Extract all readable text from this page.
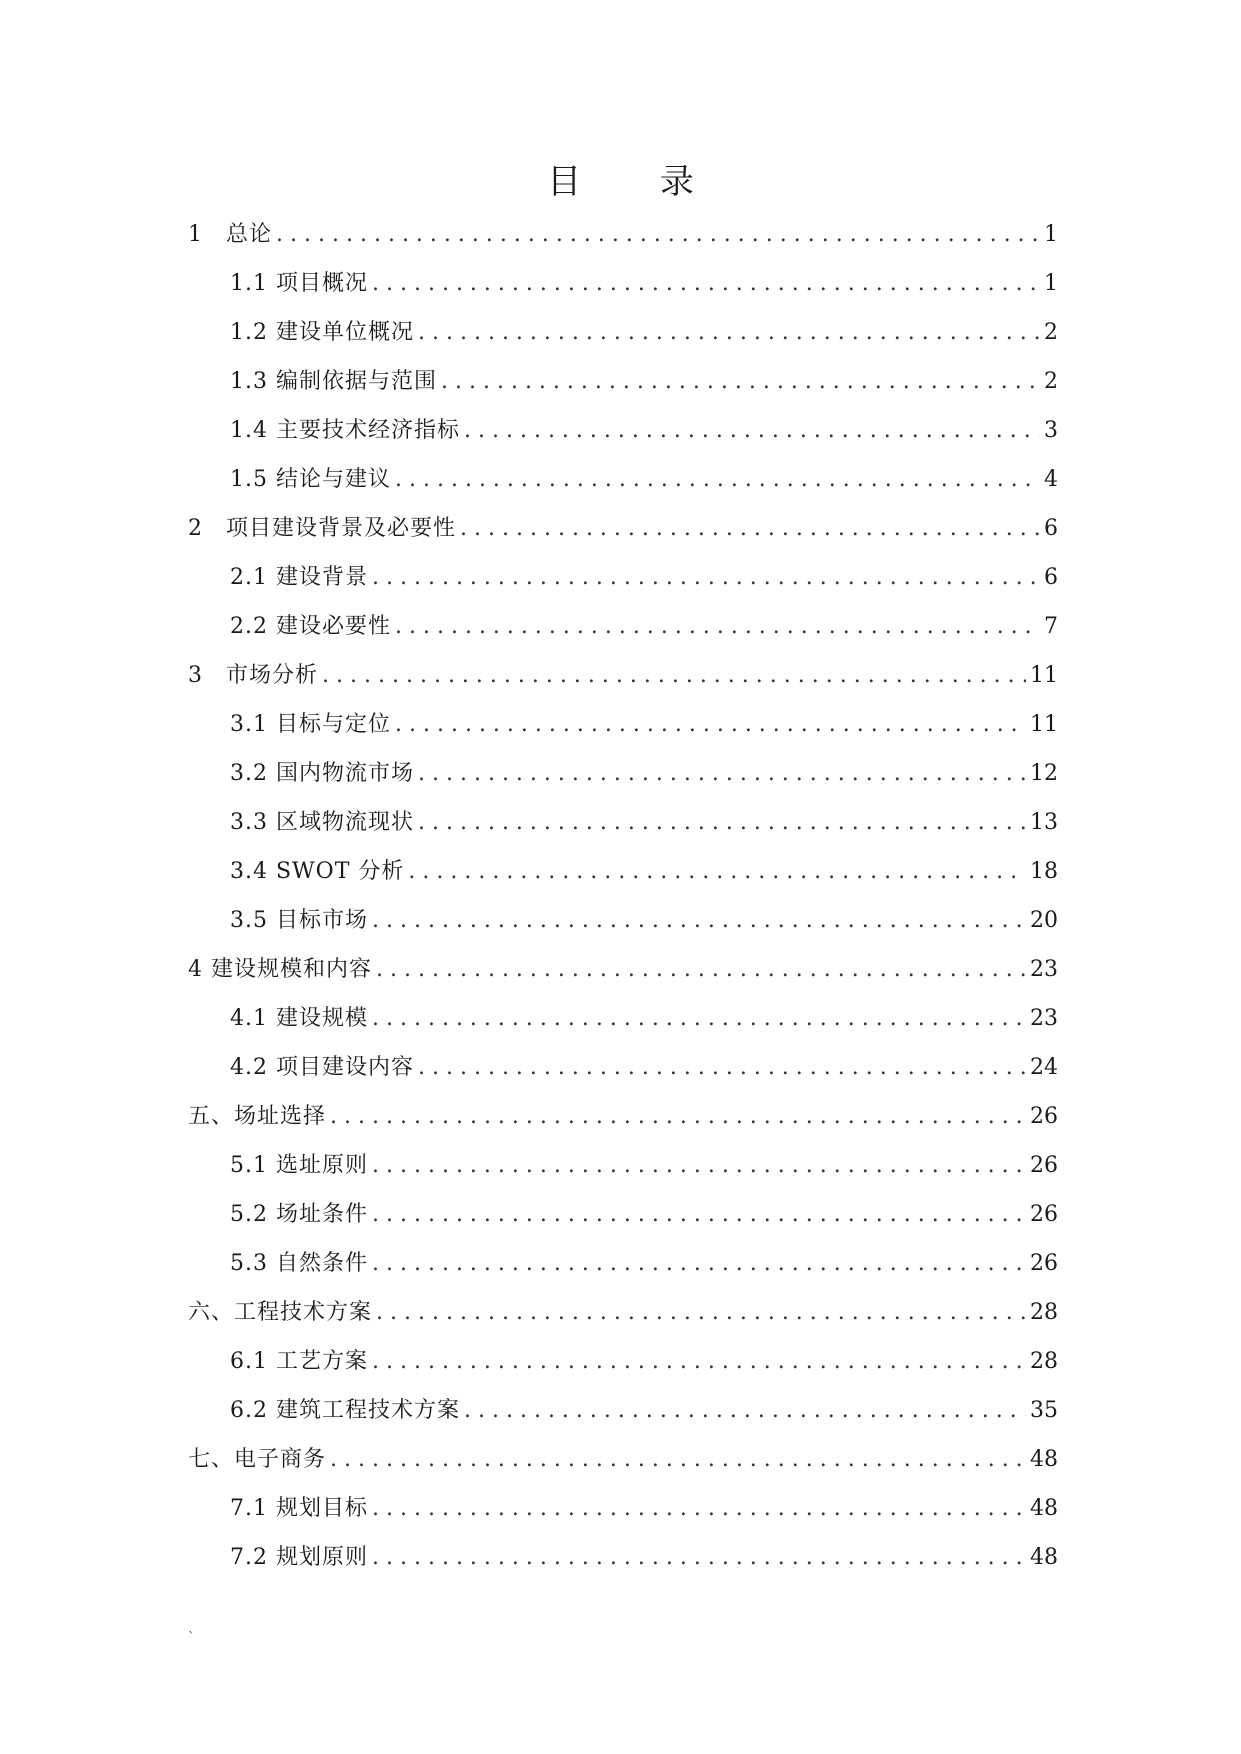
目 录
1　总论 .....	1
1.1 项目概况 .....	1
1.2 建设单位概况 .....	2
1.3 编制依据与范围 .....	2
1.4 主要技术经济指标 .....	3
1.5 结论与建议 .....	4
2　项目建设背景及必要性 .....	6
2.1 建设背景 .....	6
2.2 建设必要性 .....	7
3　市场分析 .....	11
3.1 目标与定位 .....	11
3.2 国内物流市场 .....	12
3.3 区域物流现状 .....	13
3.4 SWOT 分析 .....	18
3.5 目标市场 .....	20
4 建设规模和内容 .....	23
4.1 建设规模 .....	23
4.2 项目建设内容 .....	24
五、场址选择 .....	26
5.1 选址原则 .....	26
5.2 场址条件 .....	26
5.3 自然条件 .....	26
六、工程技术方案 .....	28
6.1 工艺方案 .....	28
6.2 建筑工程技术方案 .....	35
七、电子商务 .....	48
7.1 规划目标 .....	48
7.2 规划原则 .....	48
`
